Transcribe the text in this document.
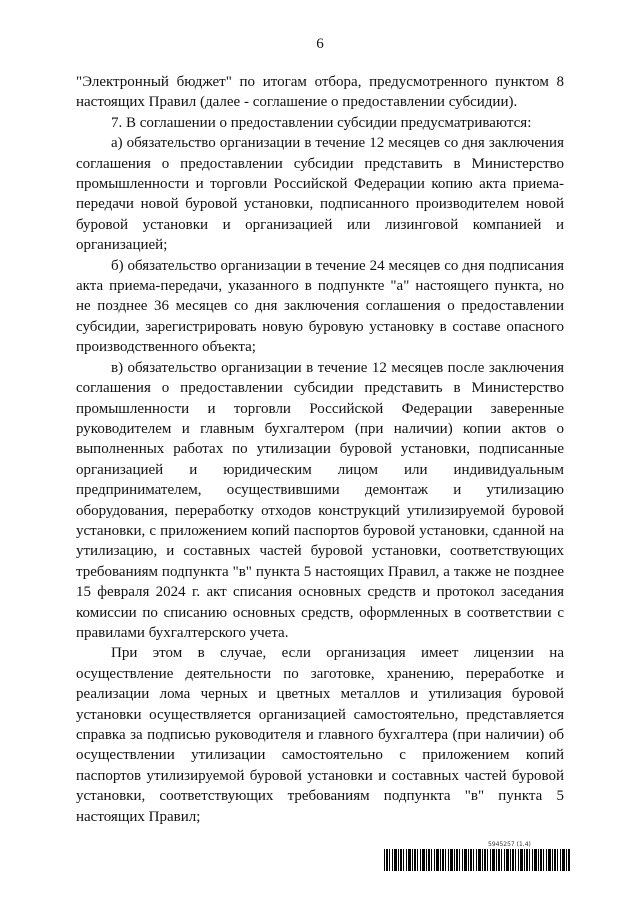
6

"Электронный бюджет" по итогам отбора, предусмотренного пунктом 8 настоящих Правил (далее - соглашение о предоставлении субсидии).

7. В соглашении о предоставлении субсидии предусматриваются:

а) обязательство организации в течение 12 месяцев со дня заключения соглашения о предоставлении субсидии представить в Министерство промышленности и торговли Российской Федерации копию акта приема-передачи новой буровой установки, подписанного производителем новой буровой установки и организацией или лизинговой компанией и организацией;

б) обязательство организации в течение 24 месяцев со дня подписания акта приема-передачи, указанного в подпункте "а" настоящего пункта, но не позднее 36 месяцев со дня заключения соглашения о предоставлении субсидии, зарегистрировать новую буровую установку в составе опасного производственного объекта;

в) обязательство организации в течение 12 месяцев после заключения соглашения о предоставлении субсидии представить в Министерство промышленности и торговли Российской Федерации заверенные руководителем и главным бухгалтером (при наличии) копии актов о выполненных работах по утилизации буровой установки, подписанные организацией и юридическим лицом или индивидуальным предпринимателем, осуществившими демонтаж и утилизацию оборудования, переработку отходов конструкций утилизируемой буровой установки, с приложением копий паспортов буровой установки, сданной на утилизацию, и составных частей буровой установки, соответствующих требованиям подпункта "в" пункта 5 настоящих Правил, а также не позднее 15 февраля 2024 г. акт списания основных средств и протокол заседания комиссии по списанию основных средств, оформленных в соответствии с правилами бухгалтерского учета.

При этом в случае, если организация имеет лицензии на осуществление деятельности по заготовке, хранению, переработке и реализации лома черных и цветных металлов и утилизация буровой установки осуществляется организацией самостоятельно, представляется справка за подписью руководителя и главного бухгалтера (при наличии) об осуществлении утилизации самостоятельно с приложением копий паспортов утилизируемой буровой установки и составных частей буровой установки, соответствующих требованиям подпункта "в" пункта 5 настоящих Правил;

5945257 (1.4)
